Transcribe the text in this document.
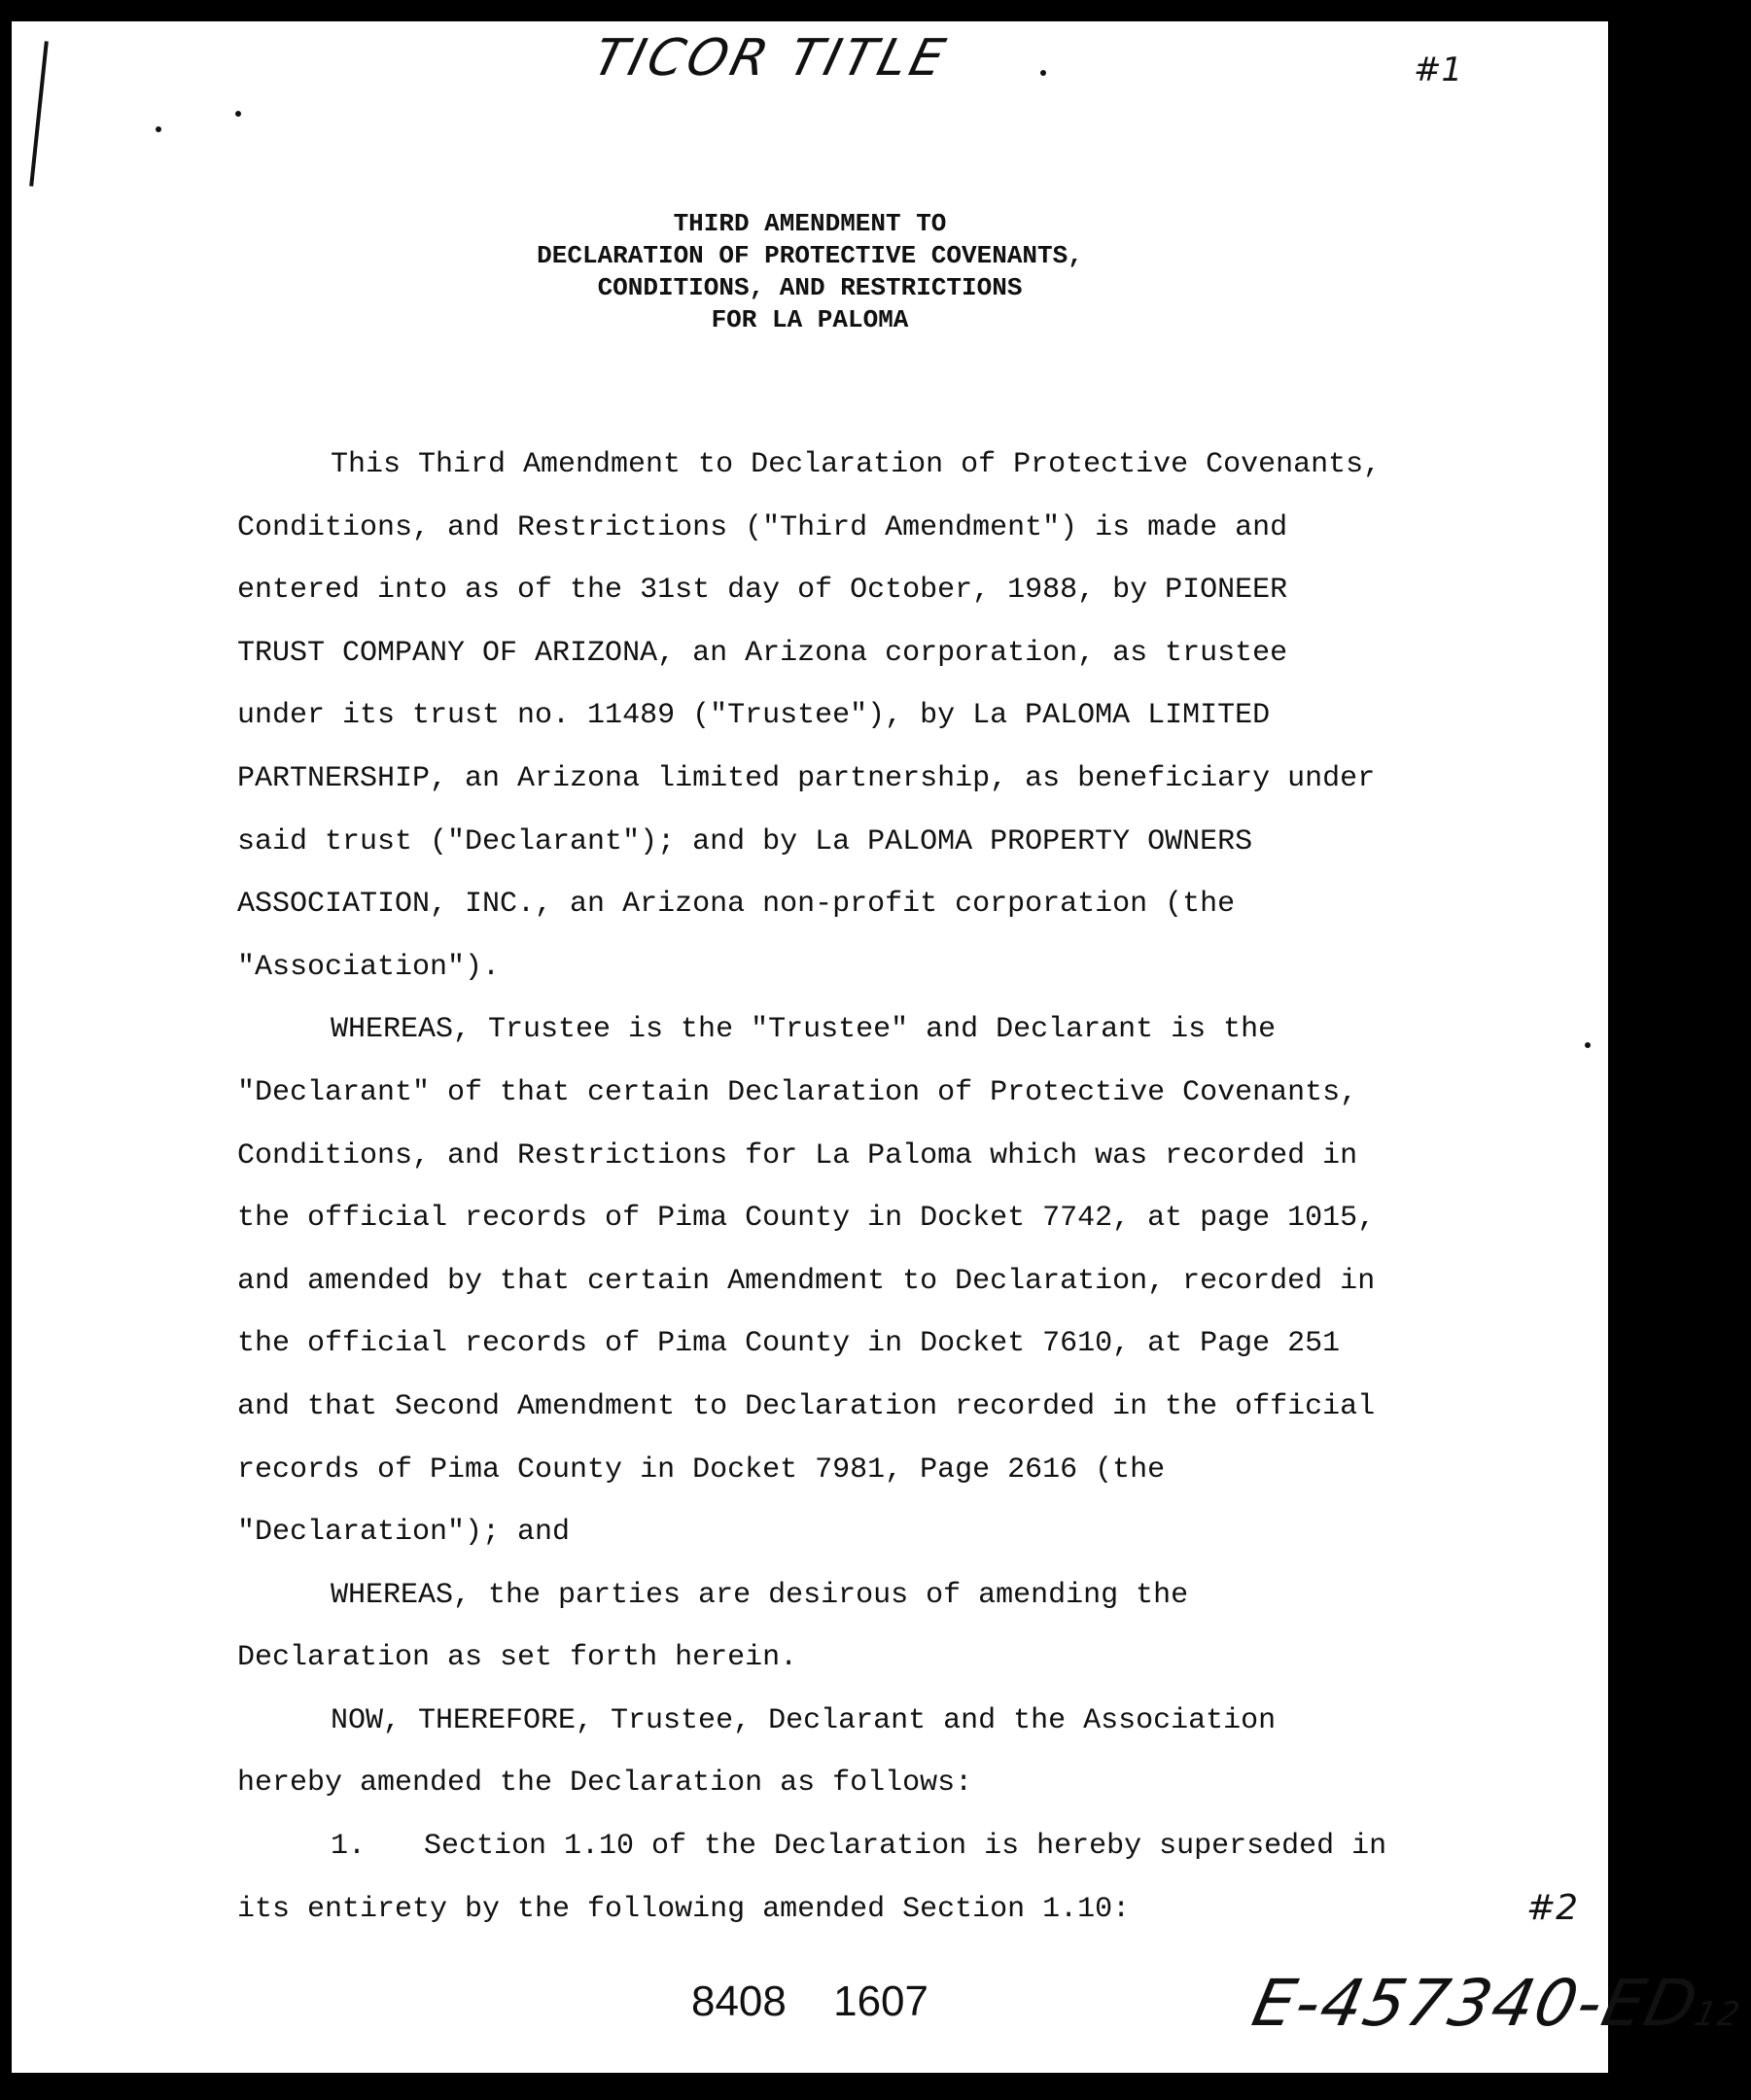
TICOR TITLE	#1
THIRD AMENDMENT TO
DECLARATION OF PROTECTIVE COVENANTS,
CONDITIONS, AND RESTRICTIONS
FOR LA PALOMA
This Third Amendment to Declaration of Protective Covenants,
Conditions, and Restrictions ("Third Amendment") is made and
entered into as of the 31st day of October, 1988, by PIONEER
TRUST COMPANY OF ARIZONA, an Arizona corporation, as trustee
under its trust no. 11489 ("Trustee"), by La PALOMA LIMITED
PARTNERSHIP, an Arizona limited partnership, as beneficiary under
said trust ("Declarant"); and by La PALOMA PROPERTY OWNERS
ASSOCIATION, INC., an Arizona non-profit corporation (the
"Association").
WHEREAS, Trustee is the "Trustee" and Declarant is the
"Declarant" of that certain Declaration of Protective Covenants,
Conditions, and Restrictions for La Paloma which was recorded in
the official records of Pima County in Docket 7742, at page 1015,
and amended by that certain Amendment to Declaration, recorded in
the official records of Pima County in Docket 7610, at Page 251
and that Second Amendment to Declaration recorded in the official
records of Pima County in Docket 7981, Page 2616 (the
"Declaration"); and
WHEREAS, the parties are desirous of amending the
Declaration as set forth herein.
NOW, THEREFORE, Trustee, Declarant and the Association
hereby amended the Declaration as follows:
1. Section 1.10 of the Declaration is hereby superseded in
its entirety by the following amended Section 1.10:
8408 1607
#2
E-457340-ED12
